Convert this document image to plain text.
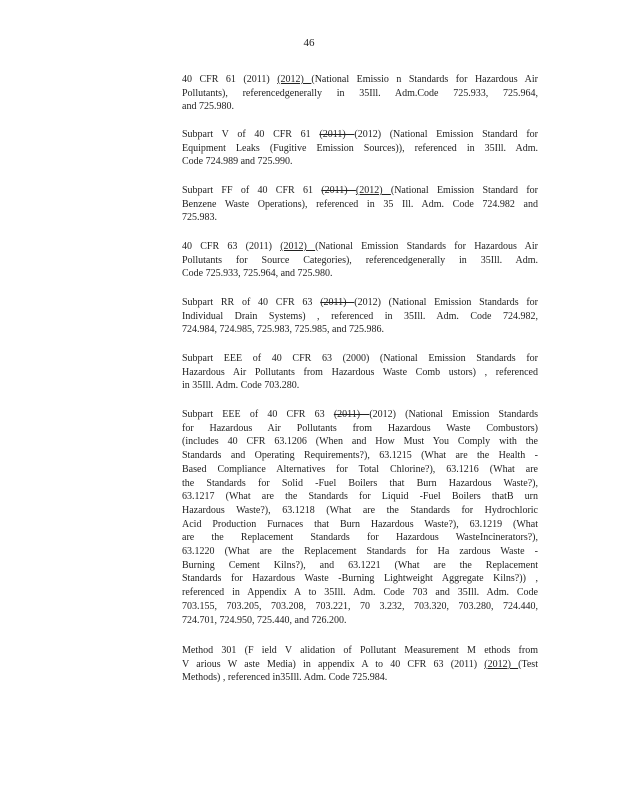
46
40 CFR 61 (2011) (2012) (National Emissio n Standards for Hazardous Air
Pollutants), referencedgenerally in 35Ill. Adm.Code 725.933, 725.964,
and 725.980.
Subpart V of 40 CFR 61 (2011) (2012) (National Emission Standard for
Equipment Leaks (Fugitive Emission Sources)), referenced in 35Ill. Adm.
Code 724.989 and 725.990.
Subpart FF of 40 CFR 61 (2011) (2012) (National Emission Standard for
Benzene Waste Operations), referenced in 35 Ill. Adm. Code 724.982 and
725.983.
40 CFR 63 (2011) (2012) (National Emission Standards for Hazardous Air
Pollutants for Source Categories), referencedgenerally in 35Ill. Adm.
Code 725.933, 725.964, and 725.980.
Subpart RR of 40 CFR 63 (2011) (2012) (National Emission Standards for
Individual Drain Systems) , referenced in 35Ill. Adm. Code 724.982,
724.984, 724.985, 725.983, 725.985, and 725.986.
Subpart EEE of 40 CFR 63 (2000) (National Emission Standards for
Hazardous Air Pollutants from Hazardous Waste Comb ustors) , referenced
in 35Ill. Adm. Code 703.280.
Subpart EEE of 40 CFR 63 (2011) (2012) (National Emission Standards
for Hazardous Air Pollutants from Hazardous Waste Combustors)
(includes 40 CFR 63.1206 (When and How Must You Comply with the
Standards and Operating Requirements?), 63.1215 (What are the Health -
Based Compliance Alternatives for Total Chlorine?), 63.1216 (What are
the Standards for Solid -Fuel Boilers that Burn Hazardous Waste?),
63.1217 (What are the Standards for Liquid -Fuel Boilers thatB urn
Hazardous Waste?), 63.1218 (What are the Standards for Hydrochloric
Acid Production Furnaces that Burn Hazardous Waste?), 63.1219 (What
are the Replacement Standards for Hazardous WasteIncinerators?),
63.1220 (What are the Replacement Standards for Ha zardous Waste -
Burning Cement Kilns?), and 63.1221 (What are the Replacement
Standards for Hazardous Waste -Burning Lightweight Aggregate Kilns?)) ,
referenced in Appendix A to 35Ill. Adm. Code 703 and 35Ill. Adm. Code
703.155, 703.205, 703.208, 703.221, 70 3.232, 703.320, 703.280, 724.440,
724.701, 724.950, 725.440, and 726.200.
Method 301 (F ield V alidation of Pollutant Measurement M ethods from
V arious W aste Media) in appendix A to 40 CFR 63 (2011) (2012) (Test
Methods) , referenced in35Ill. Adm. Code 725.984.
